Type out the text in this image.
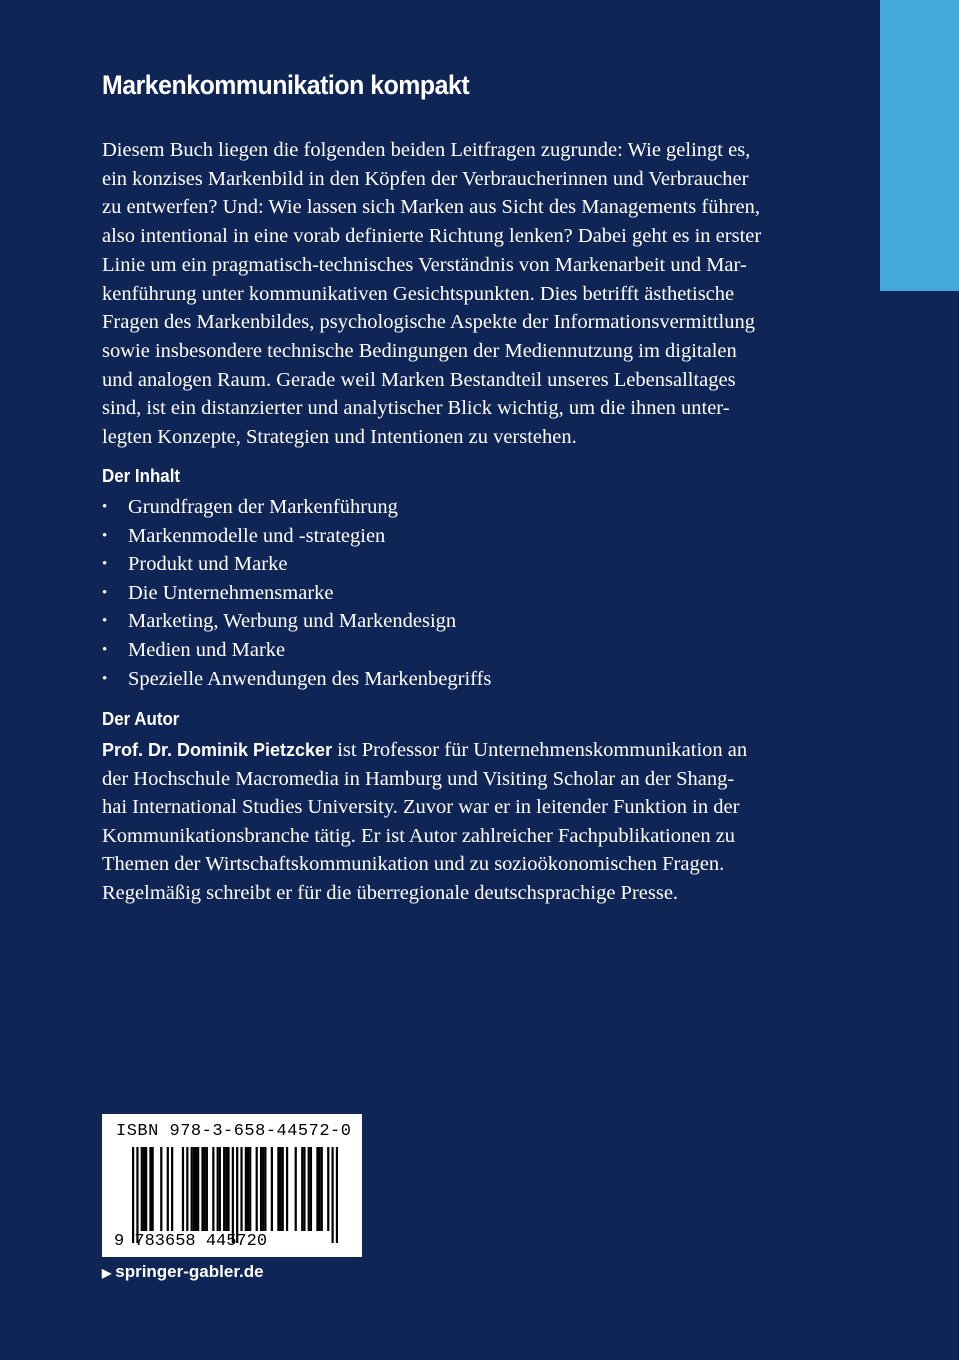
Markenkommunikation kompakt
Diesem Buch liegen die folgenden beiden Leitfragen zugrunde: Wie gelingt es,
ein konzises Markenbild in den Köpfen der Verbraucherinnen und Verbraucher
zu entwerfen? Und: Wie lassen sich Marken aus Sicht des Managements führen,
also intentional in eine vorab definierte Richtung lenken? Dabei geht es in erster
Linie um ein pragmatisch-technisches Verständnis von Markenarbeit und Mar-
kenführung unter kommunikativen Gesichtspunkten. Dies betrifft ästhetische
Fragen des Markenbildes, psychologische Aspekte der Informationsvermittlung
sowie insbesondere technische Bedingungen der Mediennutzung im digitalen
und analogen Raum. Gerade weil Marken Bestandteil unseres Lebensalltages
sind, ist ein distanzierter und analytischer Blick wichtig, um die ihnen unter-
legten Konzepte, Strategien und Intentionen zu verstehen.
Der Inhalt
• Grundfragen der Markenführung
• Markenmodelle und -strategien
• Produkt und Marke
• Die Unternehmensmarke
• Marketing, Werbung und Markendesign
• Medien und Marke
• Spezielle Anwendungen des Markenbegriffs
Der Autor
Prof. Dr. Dominik Pietzcker ist Professor für Unternehmenskommunikation an
der Hochschule Macromedia in Hamburg und Visiting Scholar an der Shang-
hai International Studies University. Zuvor war er in leitender Funktion in der
Kommunikationsbranche tätig. Er ist Autor zahlreicher Fachpublikationen zu
Themen der Wirtschaftskommunikation und zu sozioökonomischen Fragen.
Regelmäßig schreibt er für die überregionale deutschsprachige Presse.
ISBN 978-3-658-44572-0
9 783658 445720
▶ springer-gabler.de
